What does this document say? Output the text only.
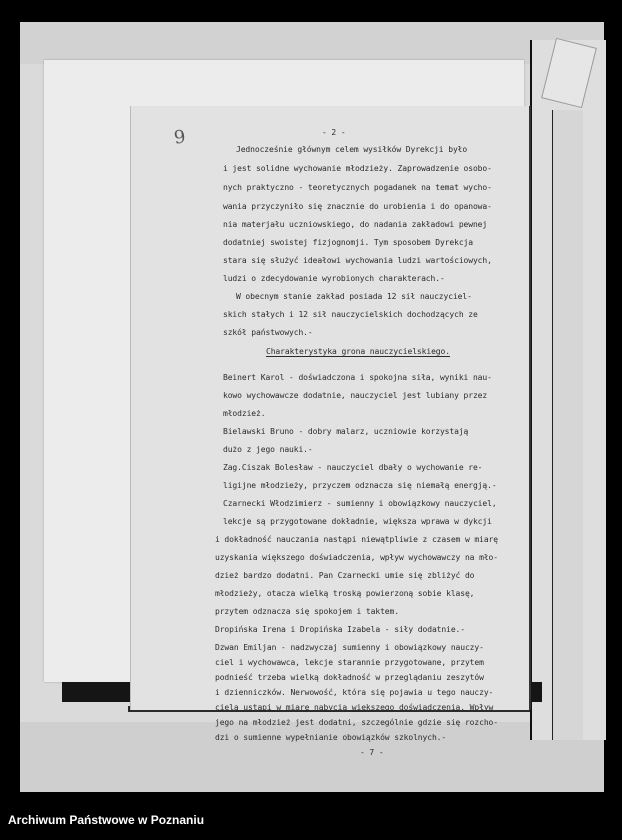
9	- 2 -
Jednocześnie głównym celem wysiłków Dyrekcji było
i jest solidne wychowanie młodzieży. Zaprowadzenie osobo-
nych praktyczno - teoretycznych pogadanek na temat wycho-
wania przyczyniło się znacznie do urobienia i do opanowa-
nia materjału uczniowskiego, do nadania zakładowi pewnej
dodatniej swoistej fizjognomji. Tym sposobem Dyrekcja
stara się służyć ideałowi wychowania ludzi wartościowych,
ludzi o zdecydowanie wyrobionych charakterach.-
W obecnym stanie zakład posiada 12 sił nauczyciel-
skich stałych i 12 sił nauczycielskich dochodzących ze
szkół państwowych.-
Charakterystyka grona nauczycielskiego.
Beinert Karol - doświadczona i spokojna siła, wyniki nau-
kowo wychowawcze dodatnie, nauczyciel jest lubiany przez
młodzież.
Bielawski Bruno - dobry malarz, uczniowie korzystają
dużo z jego nauki.-
Zag.Ciszak Bolesław - nauczyciel dbały o wychowanie re-
ligijne młodzieży, przyczem odznacza się niemałą energją.-
Czarnecki Włodzimierz - sumienny i obowiązkowy nauczyciel,
lekcje są przygotowane dokładnie, większa wprawa w dykcji
i dokładność nauczania nastąpi niewątpliwie z czasem w miarę
uzyskania większego doświadczenia, wpływ wychowawczy na mło-
dzież bardzo dodatni. Pan Czarnecki umie się zbliżyć do
młodzieży, otacza wielką troską powierzoną sobie klasę,
przytem odznacza się spokojem i taktem.
Dropińska Irena i Dropińska Izabela - siły dodatnie.-
Dzwan Emiljan - nadzwyczaj sumienny i obowiązkowy nauczy-
ciel i wychowawca, lekcje starannie przygotowane, przytem
podnieść trzeba wielką dokładność w przeglądaniu zeszytów
i dzienniczków. Nerwowość, która się pojawia u tego nauczy-
ciela ustąpi w miarę nabycia większego doświadczenia. Wpływ
jego na młodzież jest dodatni, szczególnie gdzie się rozcho-
dzi o sumienne wypełnianie obowiązków szkolnych.-
- 7 -
Archiwum Państwowe w Poznaniu
